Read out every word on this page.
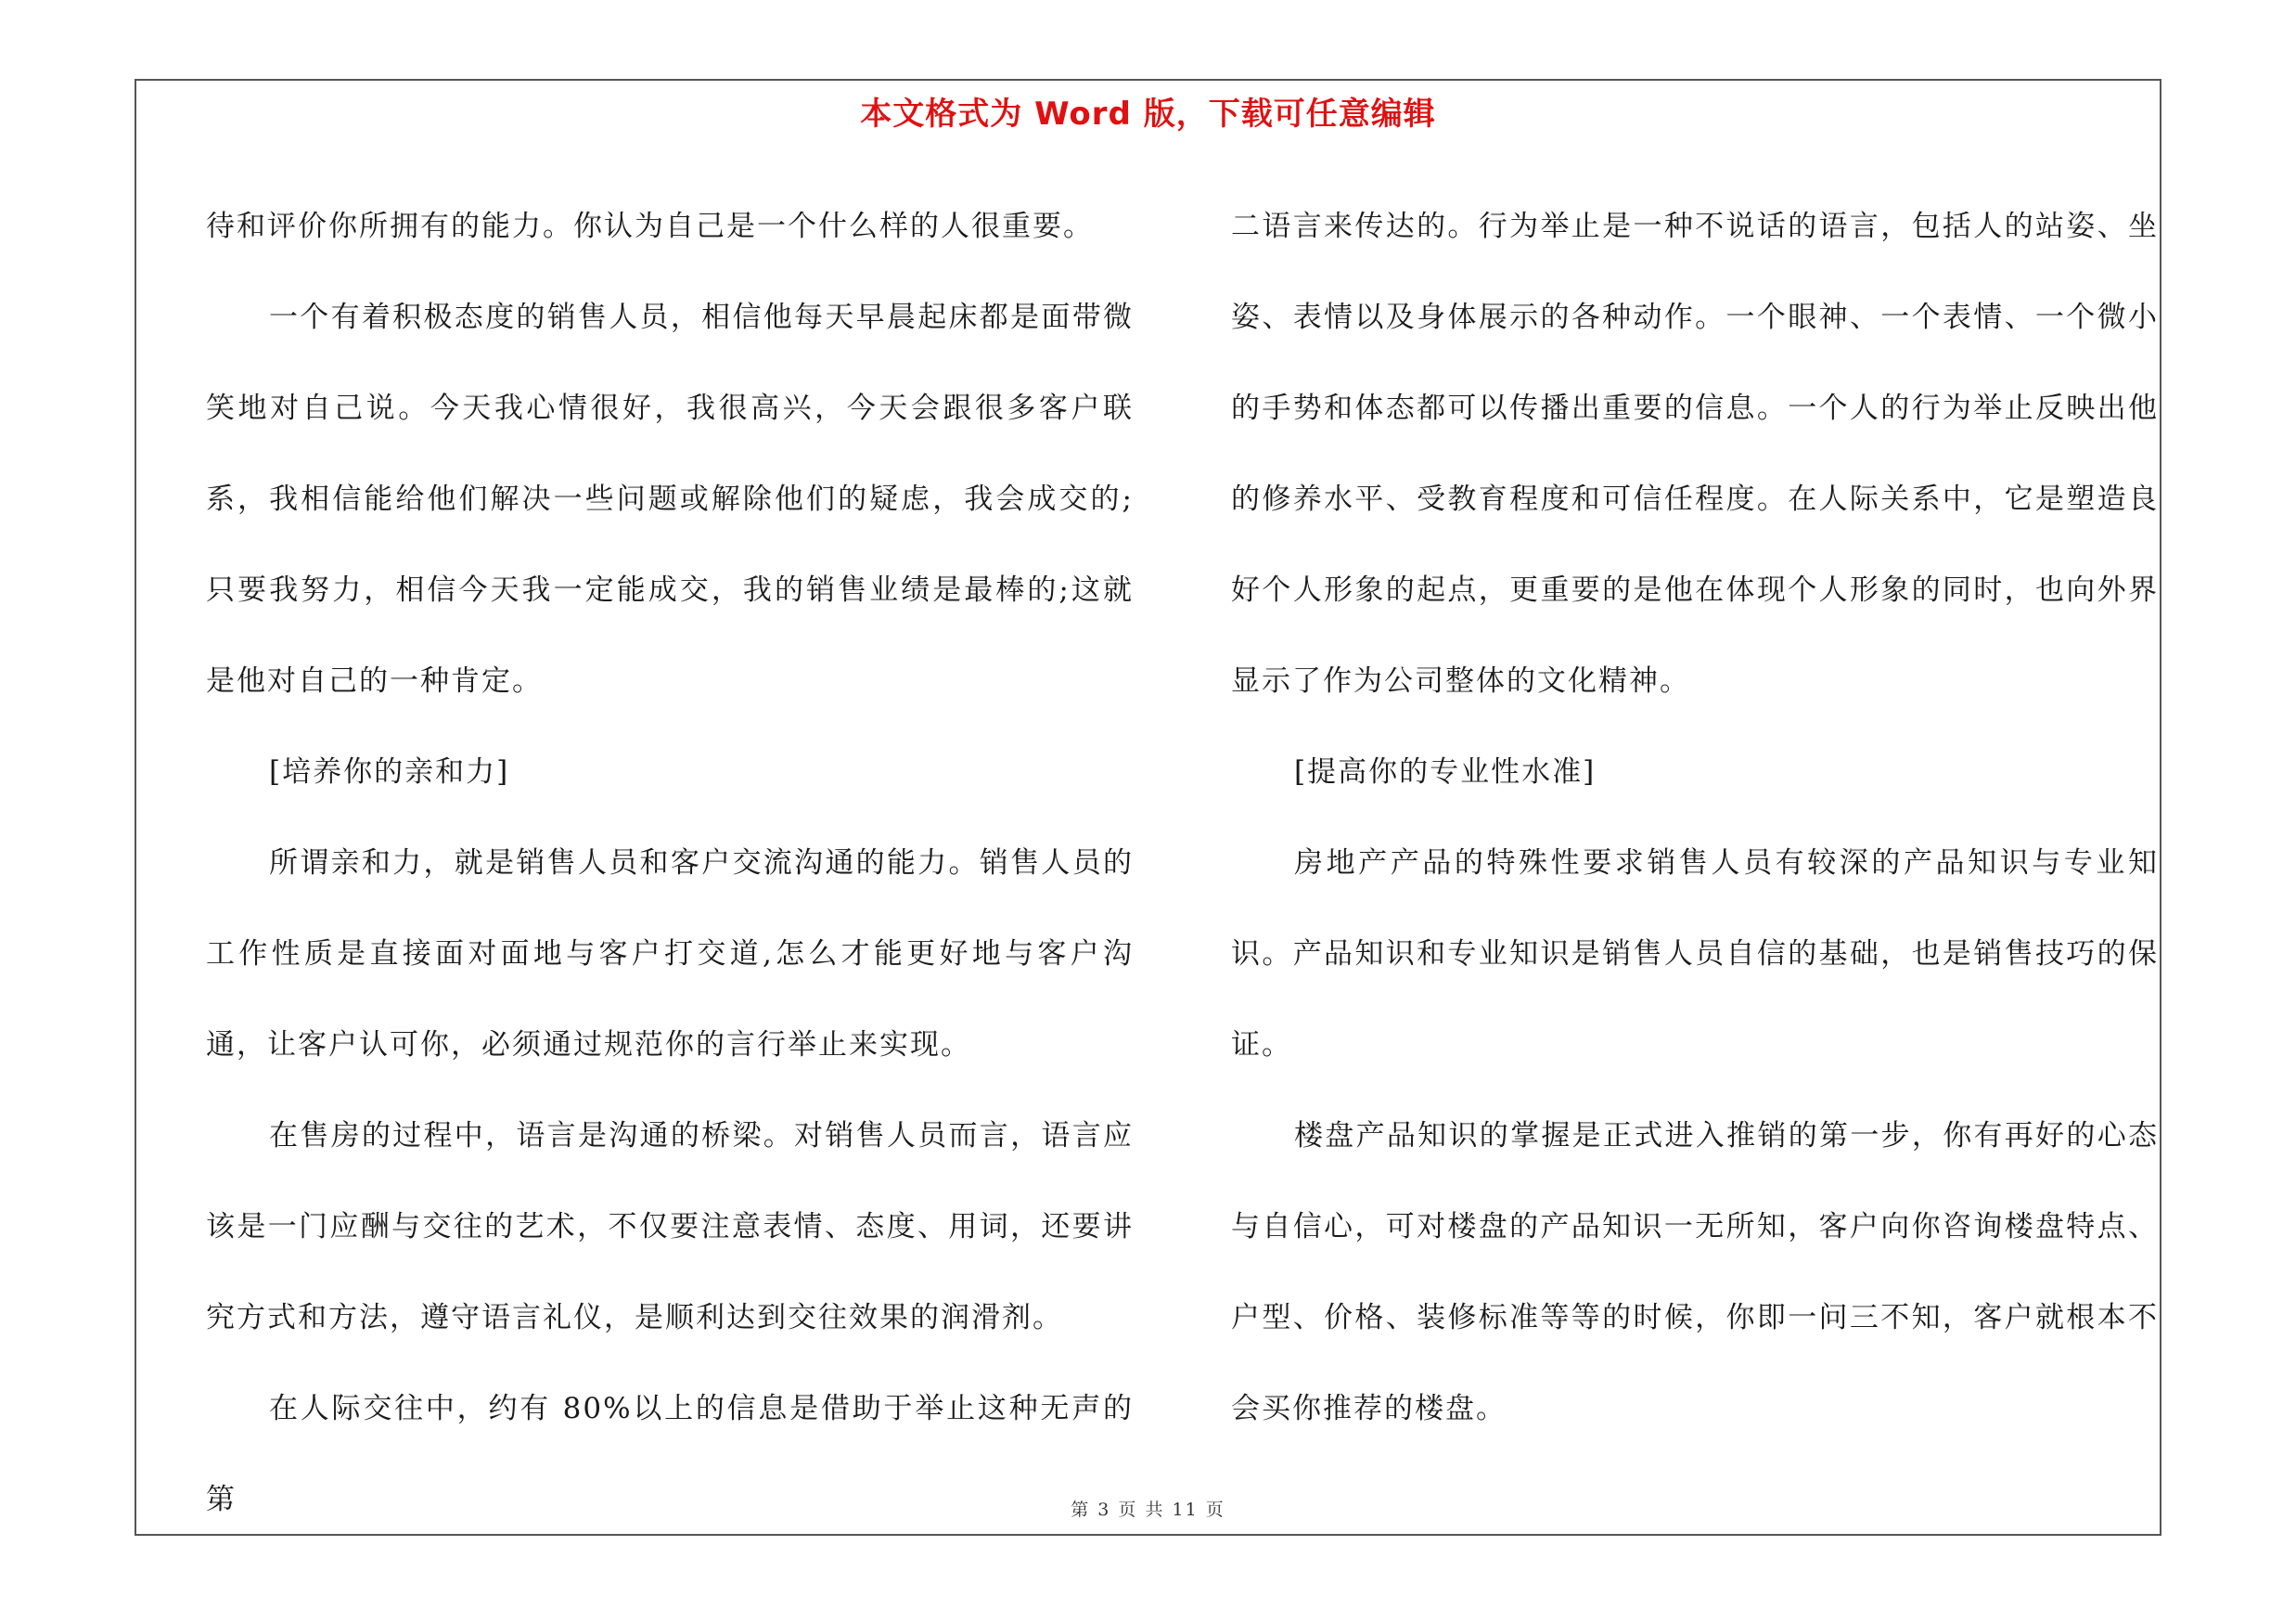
本文格式为 Word 版，下载可任意编辑

待和评价你所拥有的能力。你认为自己是一个什么样的人很重要。

一个有着积极态度的销售人员，相信他每天早晨起床都是面带微笑地对自己说。今天我心情很好，我很高兴，今天会跟很多客户联系，我相信能给他们解决一些问题或解除他们的疑虑，我会成交的;只要我努力，相信今天我一定能成交，我的销售业绩是最棒的;这就是他对自己的一种肯定。

[培养你的亲和力]

所谓亲和力，就是销售人员和客户交流沟通的能力。销售人员的工作性质是直接面对面地与客户打交道,怎么才能更好地与客户沟通，让客户认可你，必须通过规范你的言行举止来实现。

在售房的过程中，语言是沟通的桥梁。对销售人员而言，语言应该是一门应酬与交往的艺术，不仅要注意表情、态度、用词，还要讲究方式和方法，遵守语言礼仪，是顺利达到交往效果的润滑剂。

在人际交往中，约有 80%以上的信息是借助于举止这种无声的第

二语言来传达的。行为举止是一种不说话的语言，包括人的站姿、坐姿、表情以及身体展示的各种动作。一个眼神、一个表情、一个微小的手势和体态都可以传播出重要的信息。一个人的行为举止反映出他的修养水平、受教育程度和可信任程度。在人际关系中，它是塑造良好个人形象的起点，更重要的是他在体现个人形象的同时，也向外界显示了作为公司整体的文化精神。

[提高你的专业性水准]

房地产产品的特殊性要求销售人员有较深的产品知识与专业知识。产品知识和专业知识是销售人员自信的基础，也是销售技巧的保证。

楼盘产品知识的掌握是正式进入推销的第一步，你有再好的心态与自信心，可对楼盘的产品知识一无所知，客户向你咨询楼盘特点、户型、价格、装修标准等等的时候，你即一问三不知，客户就根本不会买你推荐的楼盘。

第 3 页 共 11 页
